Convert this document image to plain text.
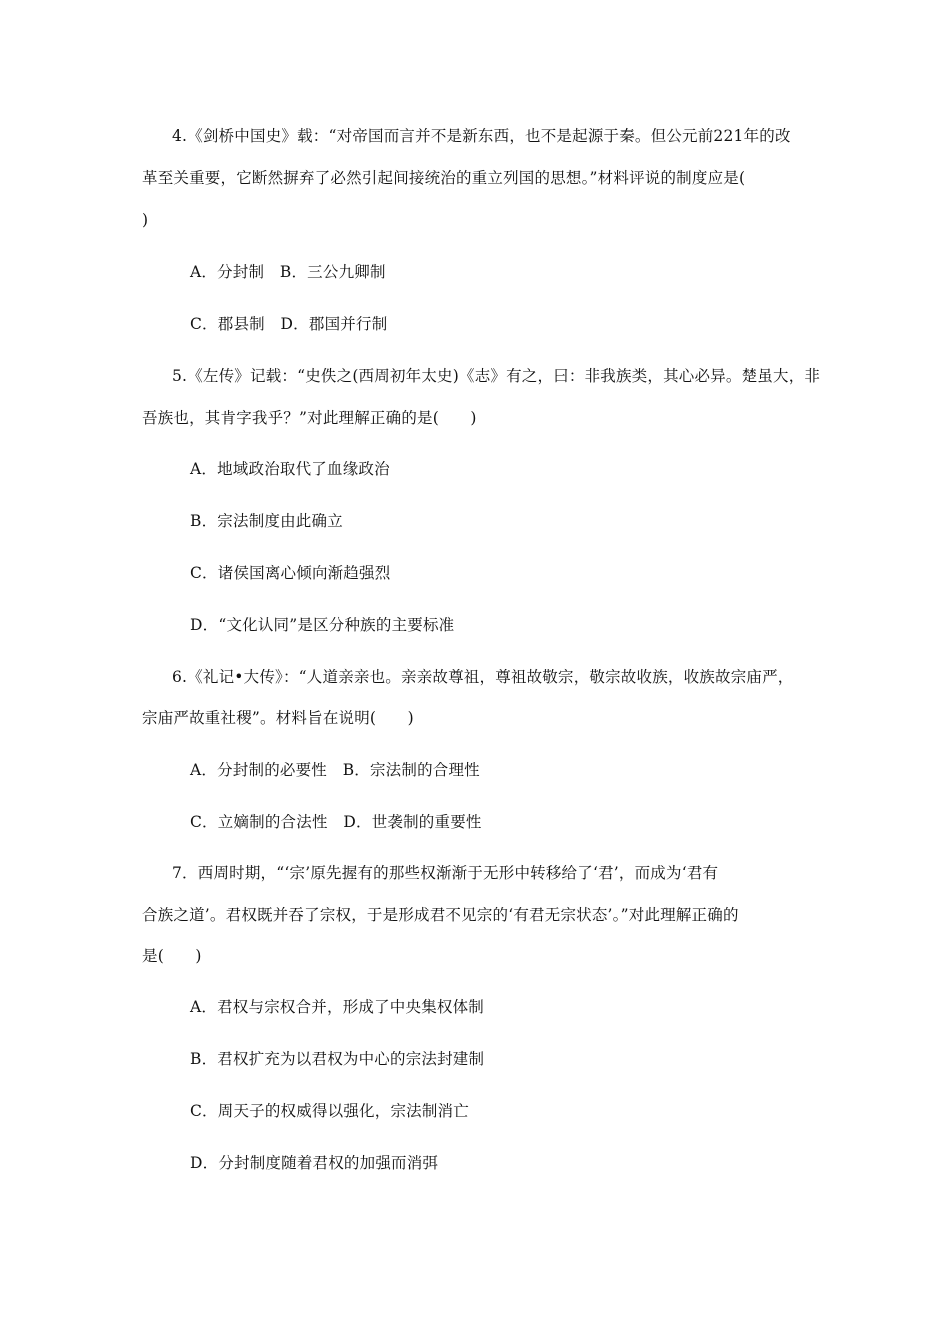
4.《剑桥中国史》载：“对帝国而言并不是新东西，也不是起源于秦。但公元前221年的改
革至关重要，它断然摒弃了必然引起间接统治的重立列国的思想。”材料评说的制度应是(
)
A．分封制　B．三公九卿制
C．郡县制　D．郡国并行制
5.《左传》记载：“史佚之(西周初年太史)《志》有之，曰：非我族类，其心必异。楚虽大，非
吾族也，其肯字我乎？”对此理解正确的是(　　)
A．地域政治取代了血缘政治
B．宗法制度由此确立
C．诸侯国离心倾向渐趋强烈
D．“文化认同”是区分种族的主要标准
6.《礼记•大传》：“人道亲亲也。亲亲故尊祖，尊祖故敬宗，敬宗故收族，收族故宗庙严，
宗庙严故重社稷”。材料旨在说明(　　)
A．分封制的必要性　B．宗法制的合理性
C．立嫡制的合法性　D．世袭制的重要性
7．西周时期，“‘宗’原先握有的那些权渐渐于无形中转移给了‘君’，而成为‘君有
合族之道’。君权既并吞了宗权，于是形成君不见宗的‘有君无宗状态’。”对此理解正确的
是(　　)
A．君权与宗权合并，形成了中央集权体制
B．君权扩充为以君权为中心的宗法封建制
C．周天子的权威得以强化，宗法制消亡
D．分封制度随着君权的加强而消弭
